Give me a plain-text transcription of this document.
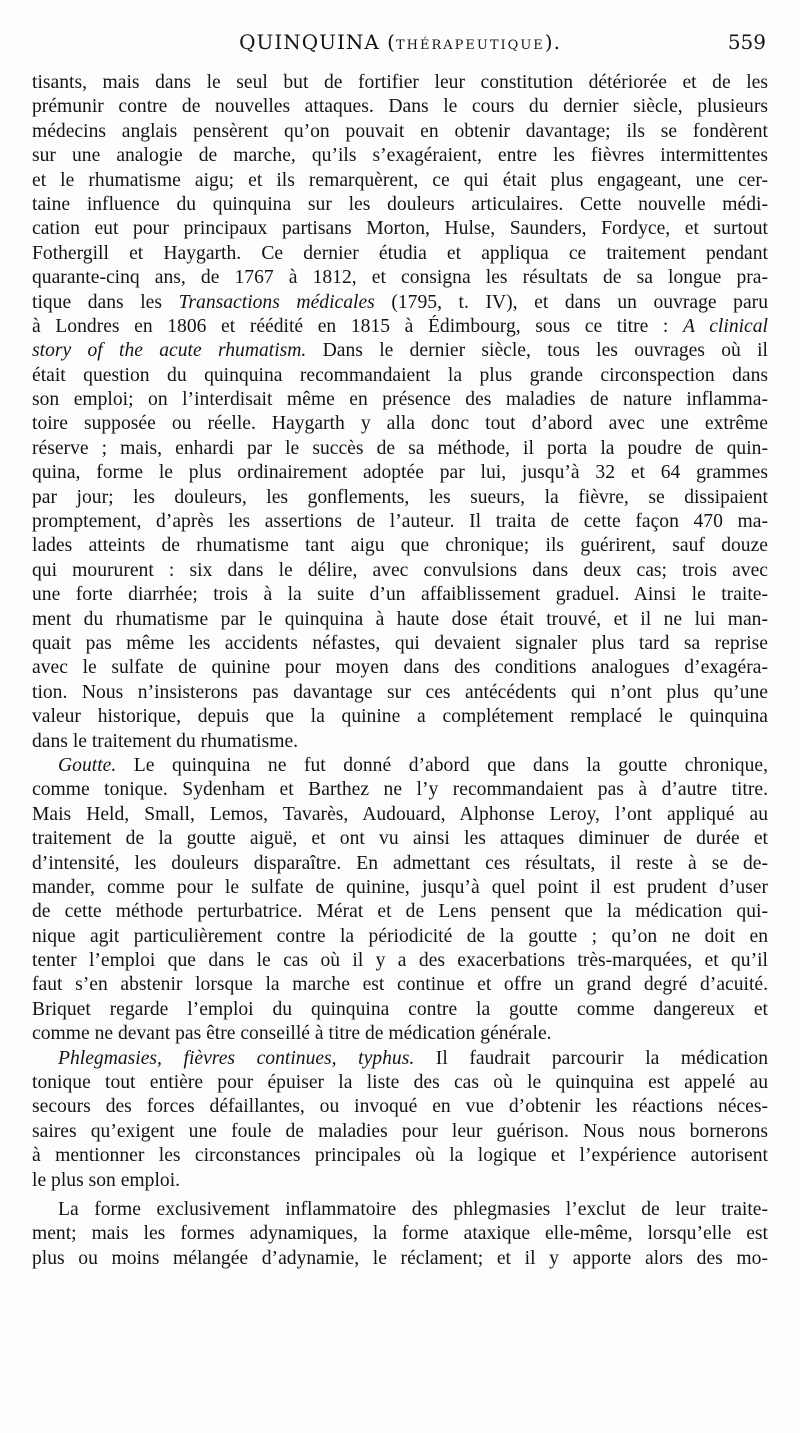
QUINQUINA (THÉRAPEUTIQUE).	559
tisants, mais dans le seul but de fortifier leur constitution détériorée et de les
prémunir contre de nouvelles attaques. Dans le cours du dernier siècle, plusieurs
médecins anglais pensèrent qu’on pouvait en obtenir davantage; ils se fondèrent
sur une analogie de marche, qu’ils s’exagéraient, entre les fièvres intermittentes
et le rhumatisme aigu; et ils remarquèrent, ce qui était plus engageant, une cer-
taine influence du quinquina sur les douleurs articulaires. Cette nouvelle médi-
cation eut pour principaux partisans Morton, Hulse, Saunders, Fordyce, et surtout
Fothergill et Haygarth. Ce dernier étudia et appliqua ce traitement pendant
quarante-cinq ans, de 1767 à 1812, et consigna les résultats de sa longue pra-
tique dans les Transactions médicales (1795, t. IV), et dans un ouvrage paru
à Londres en 1806 et réédité en 1815 à Édimbourg, sous ce titre : A clinical
story of the acute rhumatism. Dans le dernier siècle, tous les ouvrages où il
était question du quinquina recommandaient la plus grande circonspection dans
son emploi; on l’interdisait même en présence des maladies de nature inflamma-
toire supposée ou réelle. Haygarth y alla donc tout d’abord avec une extrême
réserve ; mais, enhardi par le succès de sa méthode, il porta la poudre de quin-
quina, forme le plus ordinairement adoptée par lui, jusqu’à 32 et 64 grammes
par jour; les douleurs, les gonflements, les sueurs, la fièvre, se dissipaient
promptement, d’après les assertions de l’auteur. Il traita de cette façon 470 ma-
lades atteints de rhumatisme tant aigu que chronique; ils guérirent, sauf douze
qui moururent : six dans le délire, avec convulsions dans deux cas; trois avec
une forte diarrhée; trois à la suite d’un affaiblissement graduel. Ainsi le traite-
ment du rhumatisme par le quinquina à haute dose était trouvé, et il ne lui man-
quait pas même les accidents néfastes, qui devaient signaler plus tard sa reprise
avec le sulfate de quinine pour moyen dans des conditions analogues d’exagéra-
tion. Nous n’insisterons pas davantage sur ces antécédents qui n’ont plus qu’une
valeur historique, depuis que la quinine a complétement remplacé le quinquina
dans le traitement du rhumatisme.
Goutte. Le quinquina ne fut donné d’abord que dans la goutte chronique,
comme tonique. Sydenham et Barthez ne l’y recommandaient pas à d’autre titre.
Mais Held, Small, Lemos, Tavarès, Audouard, Alphonse Leroy, l’ont appliqué au
traitement de la goutte aiguë, et ont vu ainsi les attaques diminuer de durée et
d’intensité, les douleurs disparaître. En admettant ces résultats, il reste à se de-
mander, comme pour le sulfate de quinine, jusqu’à quel point il est prudent d’user
de cette méthode perturbatrice. Mérat et de Lens pensent que la médication qui-
nique agit particulièrement contre la périodicité de la goutte ; qu’on ne doit en
tenter l’emploi que dans le cas où il y a des exacerbations très-marquées, et qu’il
faut s’en abstenir lorsque la marche est continue et offre un grand degré d’acuité.
Briquet regarde l’emploi du quinquina contre la goutte comme dangereux et
comme ne devant pas être conseillé à titre de médication générale.
Phlegmasies, fièvres continues, typhus. Il faudrait parcourir la médication
tonique tout entière pour épuiser la liste des cas où le quinquina est appelé au
secours des forces défaillantes, ou invoqué en vue d’obtenir les réactions néces-
saires qu’exigent une foule de maladies pour leur guérison. Nous nous bornerons
à mentionner les circonstances principales où la logique et l’expérience autorisent
le plus son emploi.
La forme exclusivement inflammatoire des phlegmasies l’exclut de leur traite-
ment; mais les formes adynamiques, la forme ataxique elle-même, lorsqu’elle est
plus ou moins mélangée d’adynamie, le réclament; et il y apporte alors des mo-
